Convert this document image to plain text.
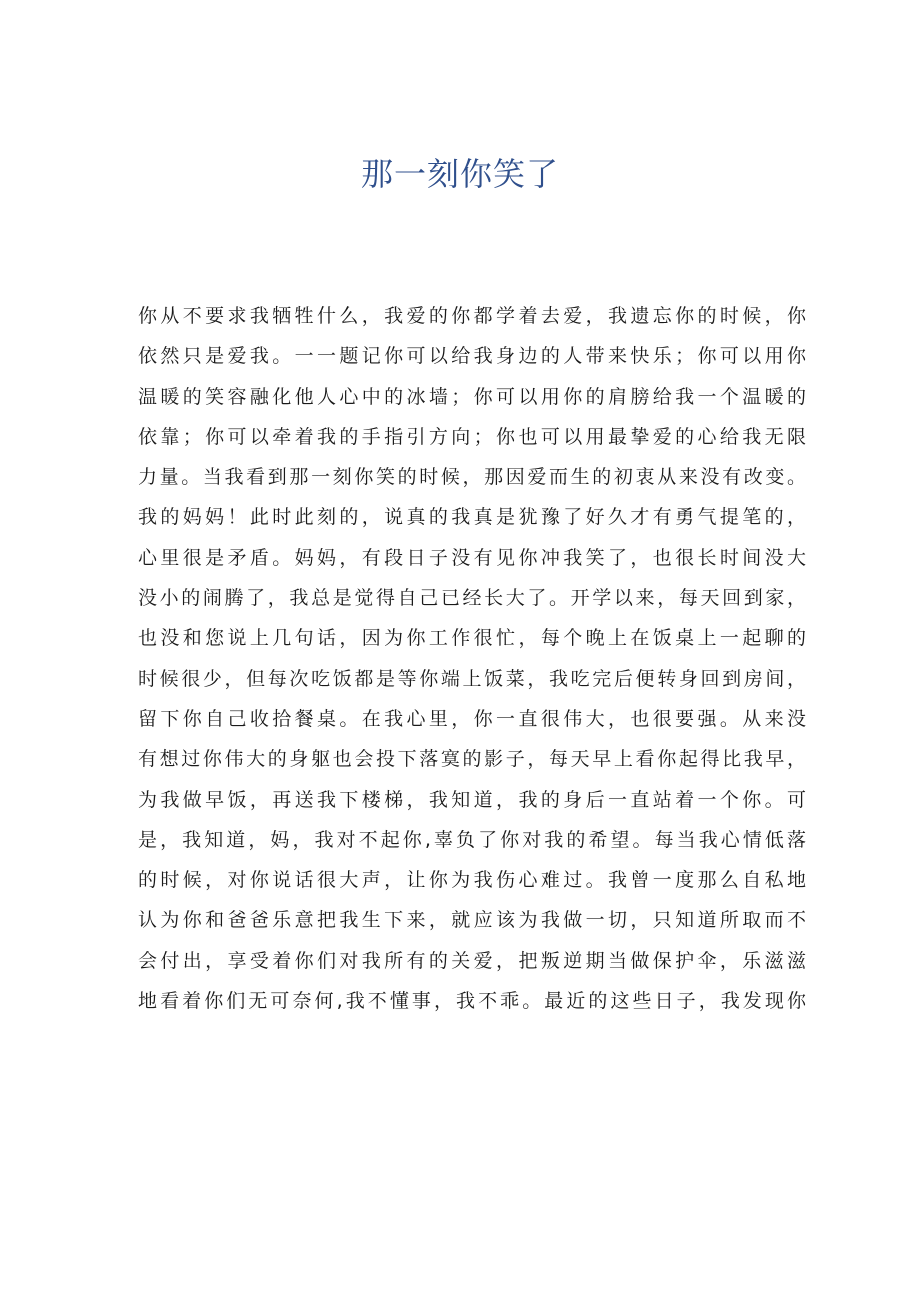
那一刻你笑了
你从不要求我牺牲什么，我爱的你都学着去爱，我遗忘你的时候，你
依然只是爱我。一一题记你可以给我身边的人带来快乐；你可以用你
温暖的笑容融化他人心中的冰墙；你可以用你的肩膀给我一个温暖的
依靠；你可以牵着我的手指引方向；你也可以用最挚爱的心给我无限
力量。当我看到那一刻你笑的时候，那因爱而生的初衷从来没有改变。
我的妈妈！此时此刻的，说真的我真是犹豫了好久才有勇气提笔的，
心里很是矛盾。妈妈，有段日子没有见你冲我笑了，也很长时间没大
没小的闹腾了，我总是觉得自己已经长大了。开学以来，每天回到家，
也没和您说上几句话，因为你工作很忙，每个晚上在饭桌上一起聊的
时候很少，但每次吃饭都是等你端上饭菜，我吃完后便转身回到房间，
留下你自己收拾餐桌。在我心里，你一直很伟大，也很要强。从来没
有想过你伟大的身躯也会投下落寞的影子，每天早上看你起得比我早，
为我做早饭，再送我下楼梯，我知道，我的身后一直站着一个你。可
是，我知道，妈，我对不起你,辜负了你对我的希望。每当我心情低落
的时候，对你说话很大声，让你为我伤心难过。我曾一度那么自私地
认为你和爸爸乐意把我生下来，就应该为我做一切，只知道所取而不
会付出，享受着你们对我所有的关爱，把叛逆期当做保护伞，乐滋滋
地看着你们无可奈何,我不懂事，我不乖。最近的这些日子，我发现你
